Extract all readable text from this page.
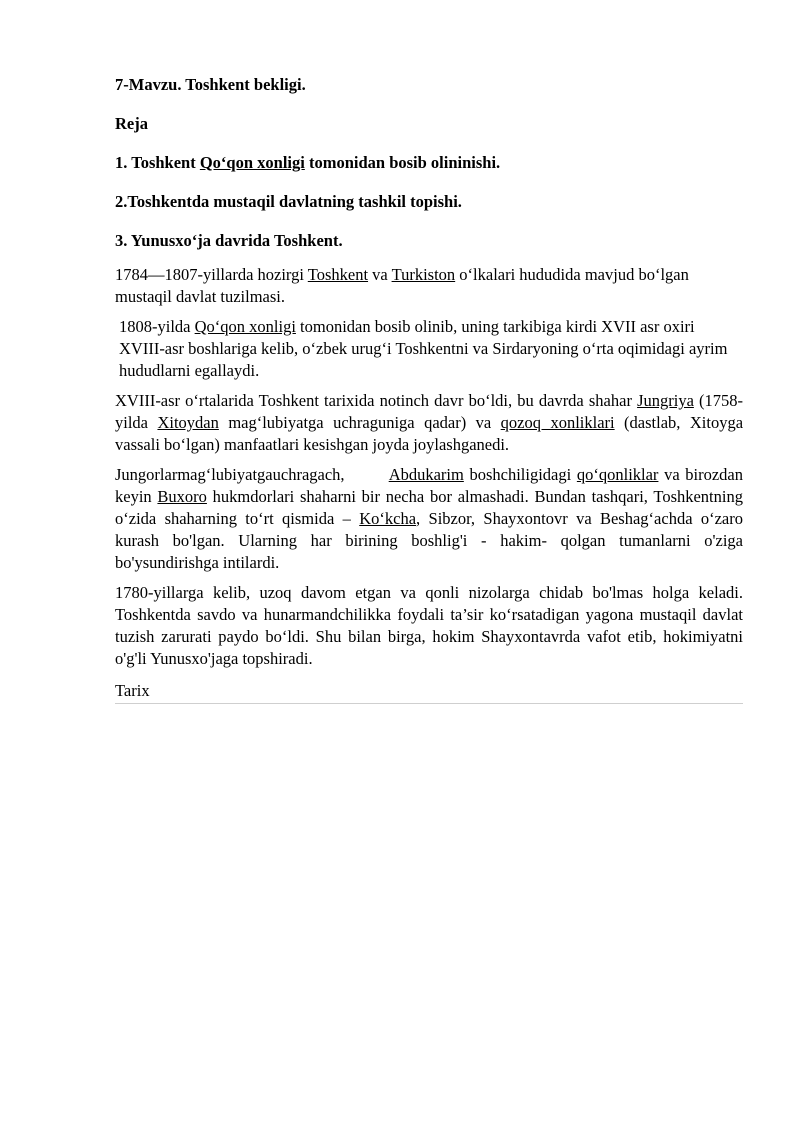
7-Mavzu. Toshkent bekligi.
Reja
1. Toshkent Qo‘qon xonligi tomonidan bosib olininishi.
2.Toshkentda mustaqil davlatning tashkil topishi.
3. Yunusxo‘ja davrida Toshkent.
1784—1807-yillarda hozirgi Toshkent va Turkiston o‘lkalari hududida mavjud bo‘lgan mustaqil davlat tuzilmasi.
1808-yilda Qo‘qon xonligi tomonidan bosib olinib, uning tarkibiga kirdi XVII asr oxiri XVIII-asr boshlariga kelib, oʻzbek urugʻi Toshkentni va Sirdaryoning oʻrta oqimidagi ayrim hududlarni egallaydi.
XVIII-asr o‘rtalarida Toshkent tarixida notinch davr bo‘ldi, bu davrda shahar Jungriya (1758-yilda Xitoydan mag‘lubiyatga uchraguniga qadar) va qozoq xonliklari (dastlab, Xitoyga vassali bo‘lgan) manfaatlari kesishgan joyda joylashganedi.
Jungorlarmag‘lubiyatgauchragach,        Abdukarim boshchiligidagi qo‘qonliklar va birozdan keyin Buxoro hukmdorlari shaharni bir necha bor almashadi. Bundan tashqari, Toshkentning o‘zida shaharning to‘rt qismida – Ko‘kcha, Sibzor, Shayxontovr va Beshag‘achda o‘zaro kurash bo'lgan. Ularning har birining boshlig'i - hakim- qolgan tumanlarni o'ziga bo'ysundirishga intilardi.
1780-yillarga kelib, uzoq davom etgan va qonli nizolarga chidab bo'lmas holga keladi. Toshkentda savdo va hunarmandchilikka foydali ta’sir ko‘rsatadigan yagona mustaqil davlat tuzish zarurati paydo bo‘ldi. Shu bilan birga, hokim Shayxontavrda vafot etib, hokimiyatni o'g'li Yunusxo'jaga topshiradi.
Tarix
